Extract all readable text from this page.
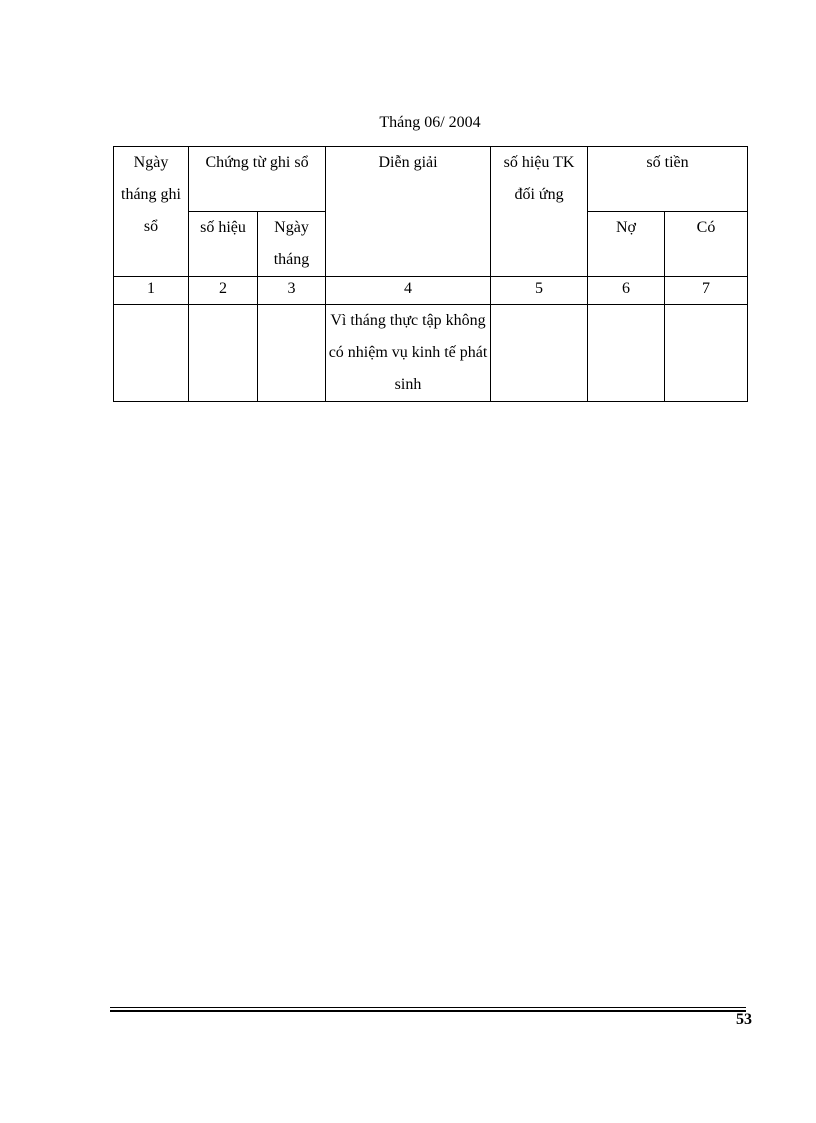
Tháng 06/ 2004
Ngày tháng ghi sổ	Chứng từ ghi sổ		Diễn giải	số hiệu TK đối ứng	số tiền	
	số hiệu	Ngày tháng			Nợ	Có
1	2	3	4	5	6	7
			Vì tháng thực tập không có nhiệm vụ kinh tế phát sinh			
53
